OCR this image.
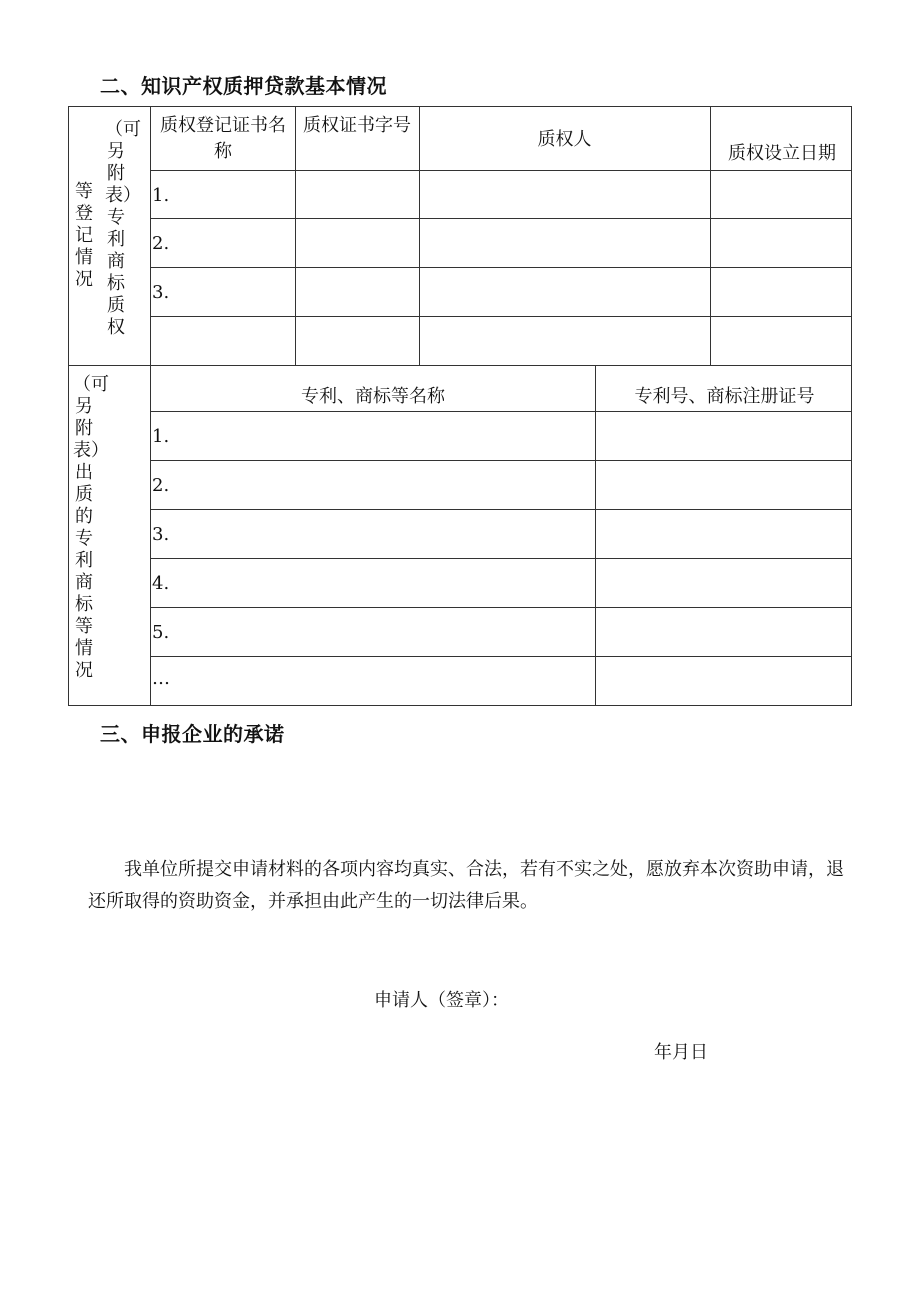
二、知识产权质押贷款基本情况
等登记情况
（可另附表）专利商标质权
质权登记证书名称
质权证书字号
质权人
质权设立日期
1.
2.
3.
（可另附表）出质的专利商标等情况
专利、商标等名称	专利号、商标注册证号
1.
2.
3.
4.
5.
…
三、申报企业的承诺
我单位所提交申请材料的各项内容均真实、合法，若有不实之处，愿放弃本次资助申请，退还所取得的资助资金，并承担由此产生的一切法律后果。
申请人（签章）：
年月日
